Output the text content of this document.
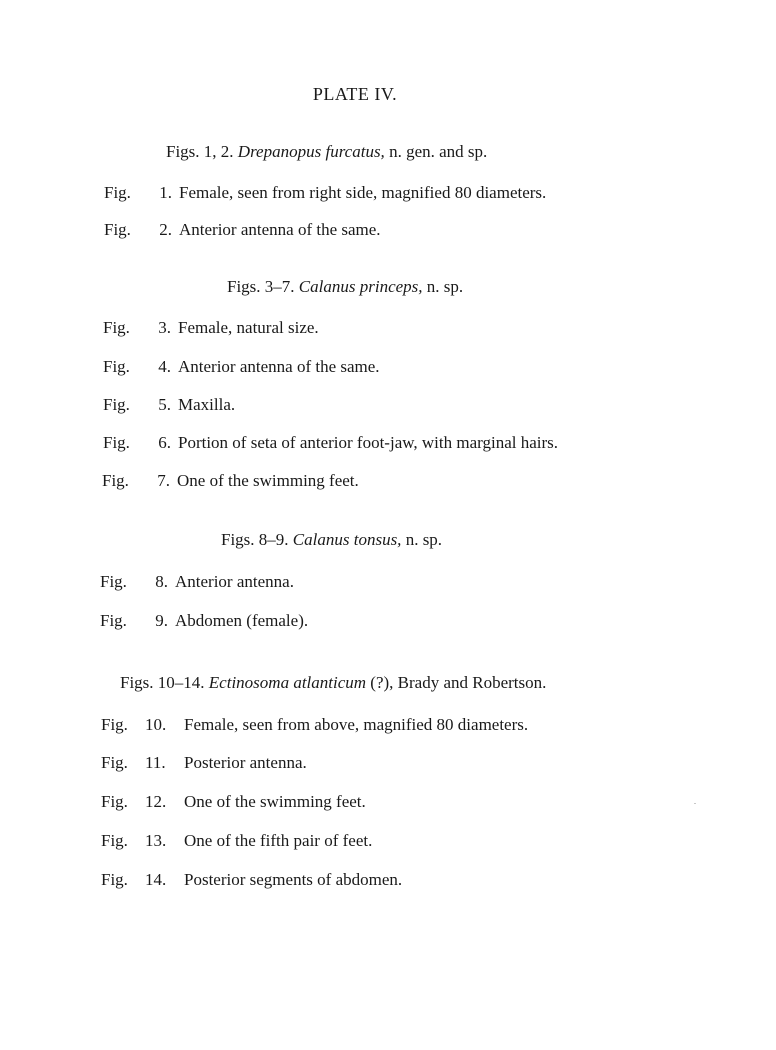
PLATE IV.
Figs. 1, 2. Drepanopus furcatus, n. gen. and sp.
Fig. 1. Female, seen from right side, magnified 80 diameters.
Fig. 2. Anterior antenna of the same.
Figs. 3–7. Calanus princeps, n. sp.
Fig. 3. Female, natural size.
Fig. 4. Anterior antenna of the same.
Fig. 5. Maxilla.
Fig. 6. Portion of seta of anterior foot-jaw, with marginal hairs.
Fig. 7. One of the swimming feet.
Figs. 8–9. Calanus tonsus, n. sp.
Fig. 8. Anterior antenna.
Fig. 9. Abdomen (female).
Figs. 10–14. Ectinosoma atlanticum (?), Brady and Robertson.
Fig. 10. Female, seen from above, magnified 80 diameters.
Fig. 11. Posterior antenna.
Fig. 12. One of the swimming feet.
Fig. 13. One of the fifth pair of feet.
Fig. 14. Posterior segments of abdomen.
